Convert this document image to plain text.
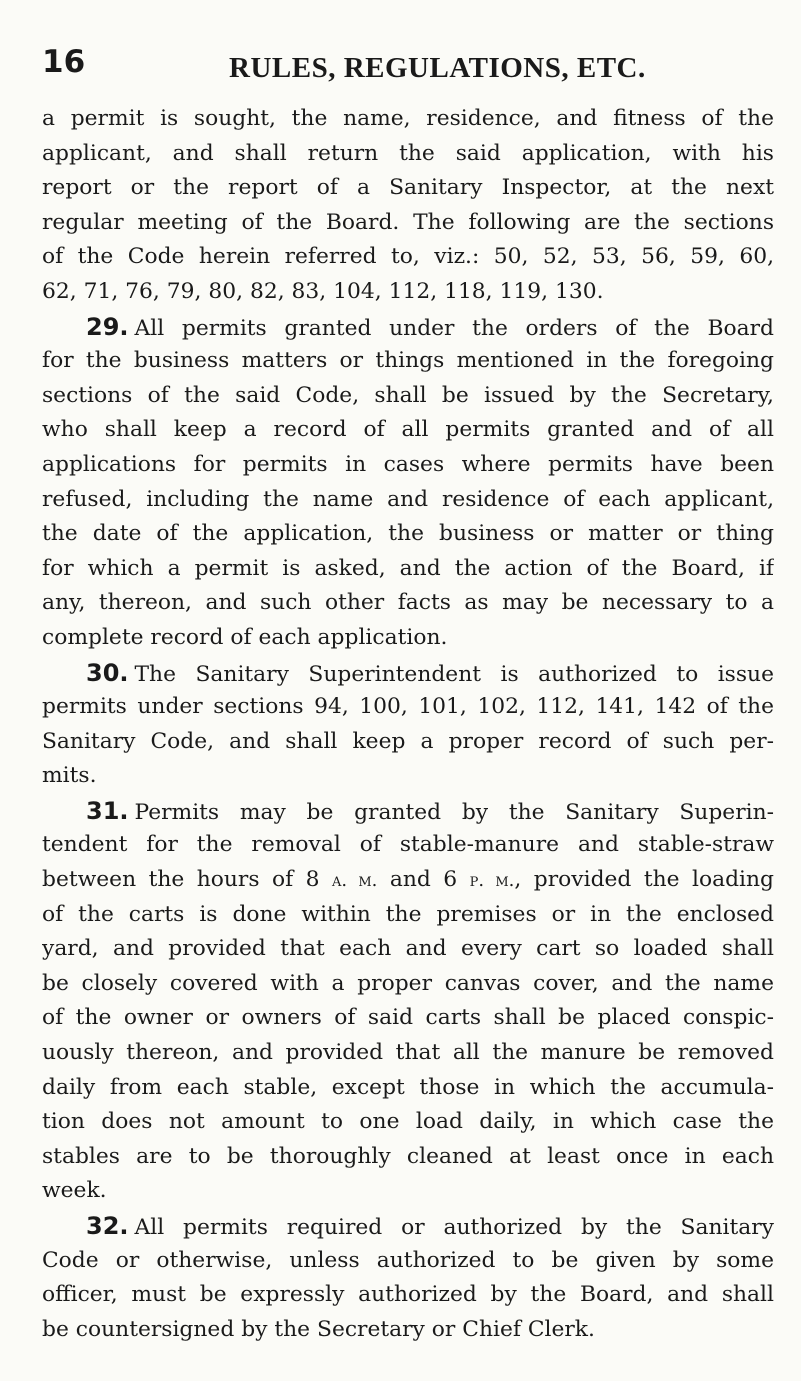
16	RULES, REGULATIONS, ETC.
a permit is sought, the name, residence, and fitness of the
applicant, and shall return the said application, with his
report or the report of a Sanitary Inspector, at the next
regular meeting of the Board. The following are the sections
of the Code herein referred to, viz.: 50, 52, 53, 56, 59, 60,
62, 71, 76, 79, 80, 82, 83, 104, 112, 118, 119, 130.
29. All permits granted under the orders of the Board
for the business matters or things mentioned in the foregoing
sections of the said Code, shall be issued by the Secretary,
who shall keep a record of all permits granted and of all
applications for permits in cases where permits have been
refused, including the name and residence of each applicant,
the date of the application, the business or matter or thing
for which a permit is asked, and the action of the Board, if
any, thereon, and such other facts as may be necessary to a
complete record of each application.
30. The Sanitary Superintendent is authorized to issue
permits under sections 94, 100, 101, 102, 112, 141, 142 of the
Sanitary Code, and shall keep a proper record of such per-
mits.
31. Permits may be granted by the Sanitary Superin-
tendent for the removal of stable-manure and stable-straw
between the hours of 8 a. m. and 6 p. m., provided the loading
of the carts is done within the premises or in the enclosed
yard, and provided that each and every cart so loaded shall
be closely covered with a proper canvas cover, and the name
of the owner or owners of said carts shall be placed conspic-
uously thereon, and provided that all the manure be removed
daily from each stable, except those in which the accumula-
tion does not amount to one load daily, in which case the
stables are to be thoroughly cleaned at least once in each
week.
32. All permits required or authorized by the Sanitary
Code or otherwise, unless authorized to be given by some
officer, must be expressly authorized by the Board, and shall
be countersigned by the Secretary or Chief Clerk.
